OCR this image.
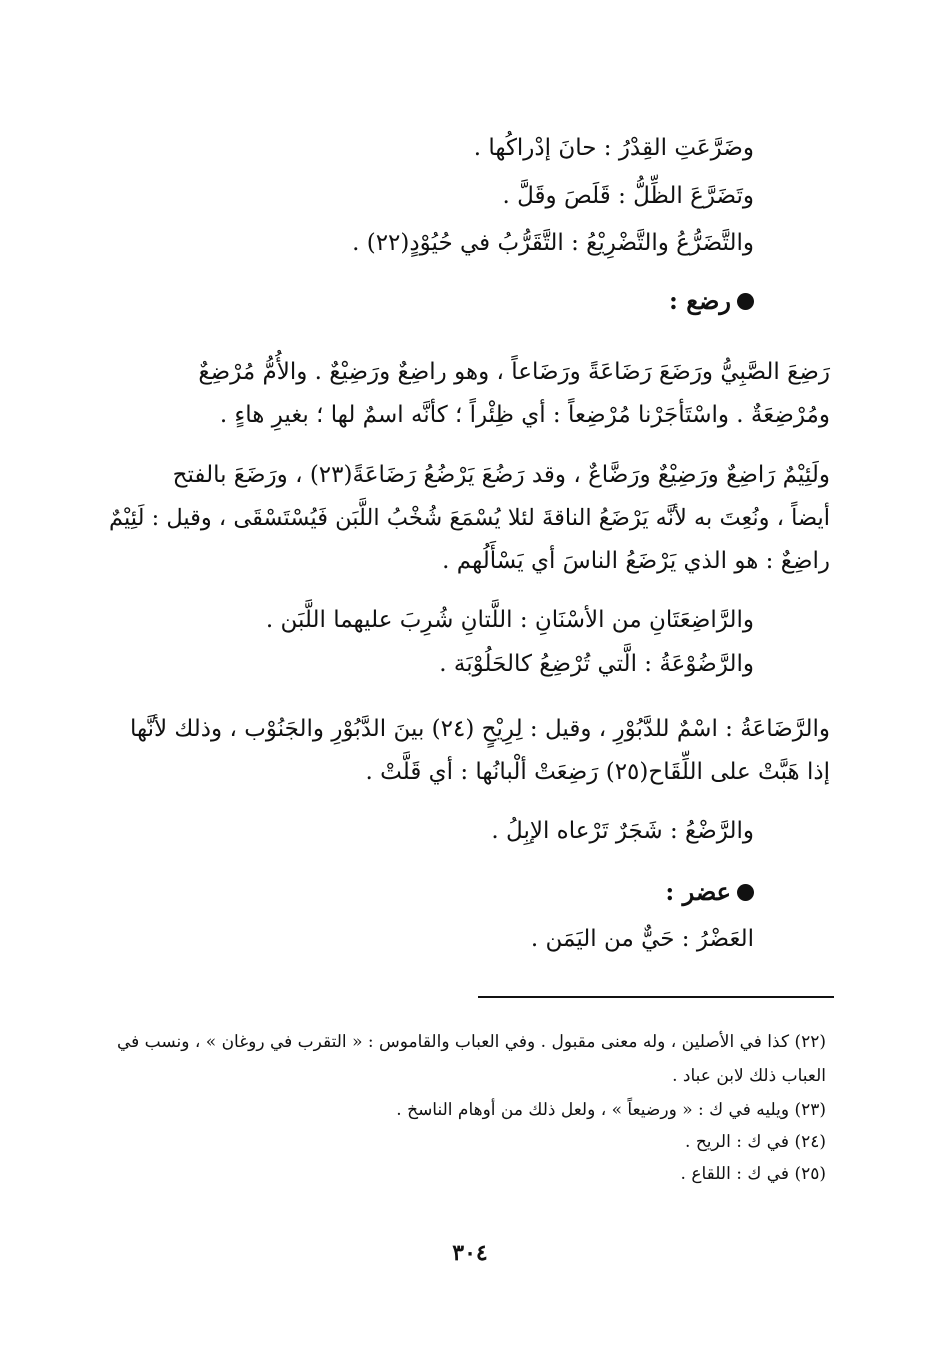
وضَرَّعَتِ القِدْرُ : حانَ إدْراكُها .

وتَضَرَّعَ الظِّلُّ : قَلَصَ وقَلَّ .

والتَّضَرُّعُ والتَّضْرِيْعُ : التَّقَرُّبُ في حُيُوْدٍ(٢٢) .

رضع :

رَضِعَ الصَّبِيُّ ورَضَعَ رَضَاعَةً ورَضَاعاً ، وهو راضِعٌ ورَضِيْعٌ . والأُمُّ مُرْضِعٌ

ومُرْضِعَةٌ . واسْتَأجَرْنا مُرْضِعاً : أي ظِئْراً ؛ كأنَّه اسمٌ لها ؛ بغيرِ هاءٍ .

ولَئِيْمٌ رَاضِعٌ ورَضِيْعٌ ورَضَّاعٌ ، وقد رَضُعَ يَرْضُعُ رَضَاعَةً(٢٣) ، ورَضَعَ بالفتح

أيضاً ، ونُعِتَ به لأنَّه يَرْضَعُ الناقةَ لئلا يُسْمَعَ شُخْبُ اللَّبَن فَيُسْتَسْقَى ، وقيل : لَئِيْمٌ

راضِعٌ : هو الذي يَرْضَعُ الناسَ أي يَسْأَلُهم .

والرَّاضِعَتَانِ من الأسْنَانِ : اللَّتانِ شُرِبَ عليهما اللَّبَن .

والرَّضُوْعَةُ : الَّتي تُرْضِعُ كالحَلُوْبَة .

والرَّضَاعَةُ : اسْمٌ للدَّبُوْرِ ، وقيل : لِرِيْحٍ (٢٤) بينَ الدَّبُوْرِ والجَنُوْب ، وذلك لأنَّها

إذا هَبَّتْ على اللِّقَاح(٢٥) رَضِعَتْ ألْبانُها : أي قَلَّتْ .

والرَّضْعُ : شَجَرٌ تَرْعاه الإبِلُ .

عضر :

العَضْرُ : حَيٌّ من اليَمَن .

(٢٢) كذا في الأصلين ، وله معنى مقبول . وفي العباب والقاموس : « التقرب في روغان » ، ونسب في

العباب ذلك لابن عباد .

(٢٣) ويليه في ك : « ورضيعاً » ، ولعل ذلك من أوهام الناسخ .

(٢٤) في ك : الريح .

(٢٥) في ك : اللقاع .

٣٠٤
